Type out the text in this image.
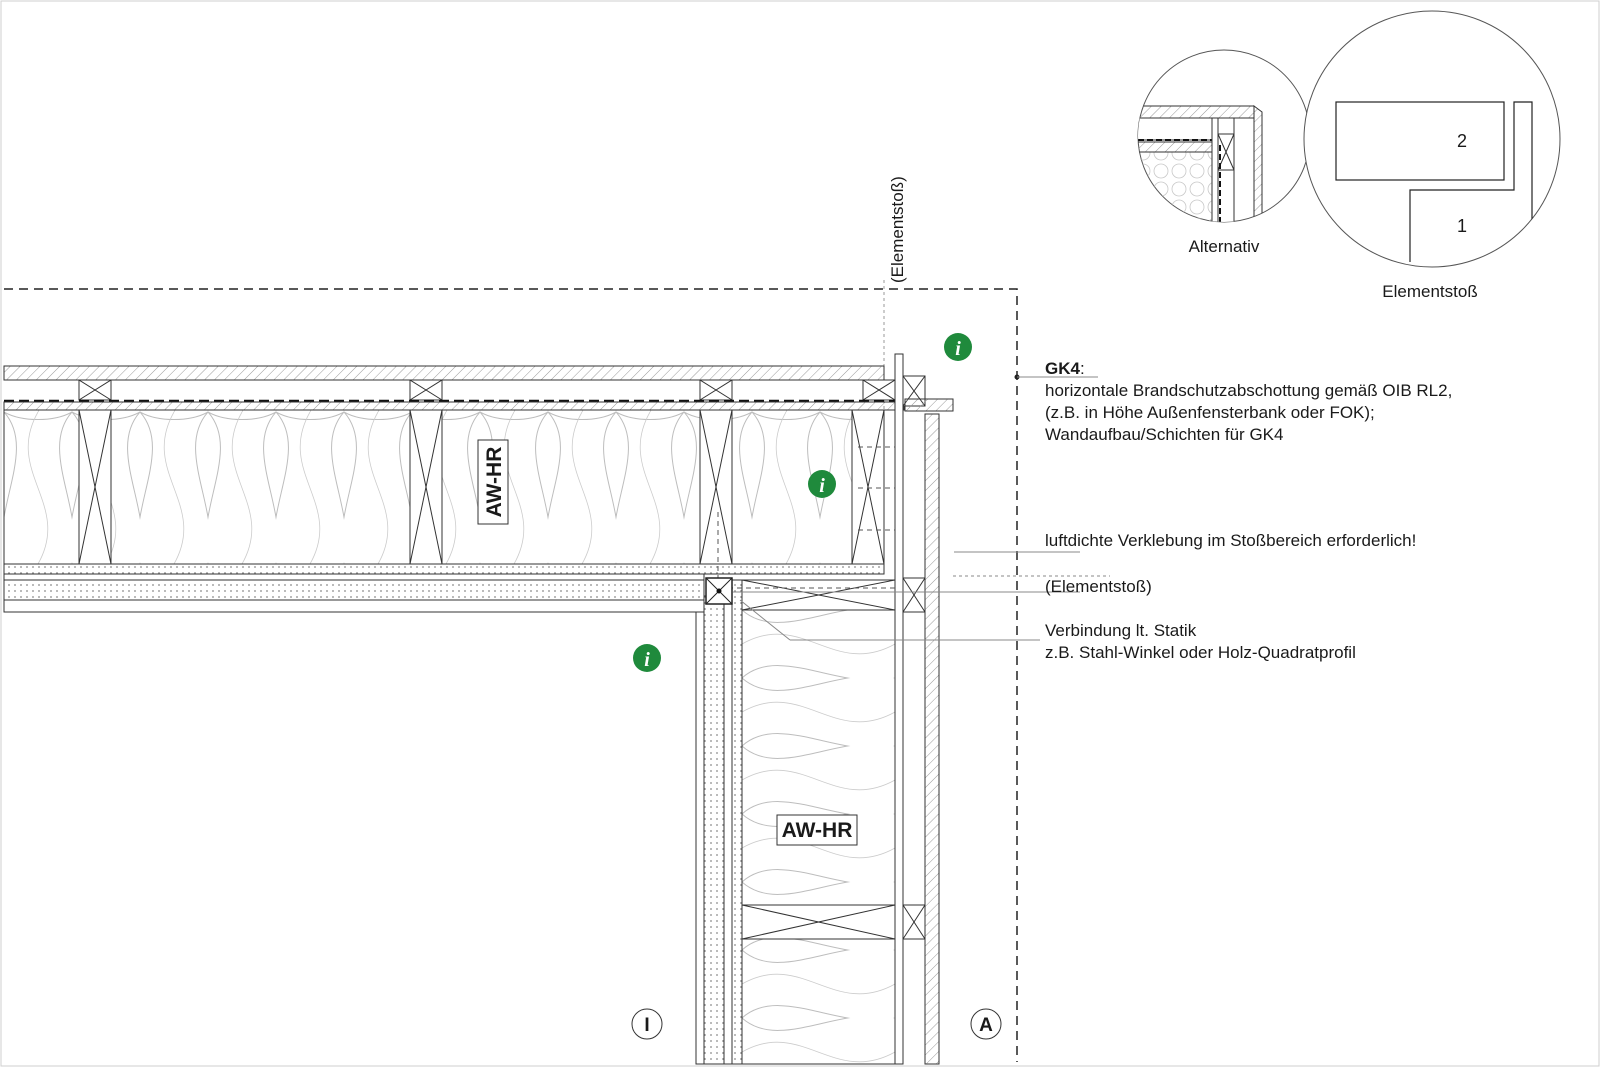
(Elementstoß)
AW-HR
AW-HR
i
i
i
I	A
GK4:
horizontale Brandschutzabschottung gemäß OIB RL2,
(z.B. in Höhe Außenfensterbank oder FOK);
Wandaufbau/Schichten für GK4
luftdichte Verklebung im Stoßbereich erforderlich!
(Elementstoß)
Verbindung lt. Statik
z.B. Stahl-Winkel oder Holz-Quadratprofil
Alternativ
2
1
Elementstoß
